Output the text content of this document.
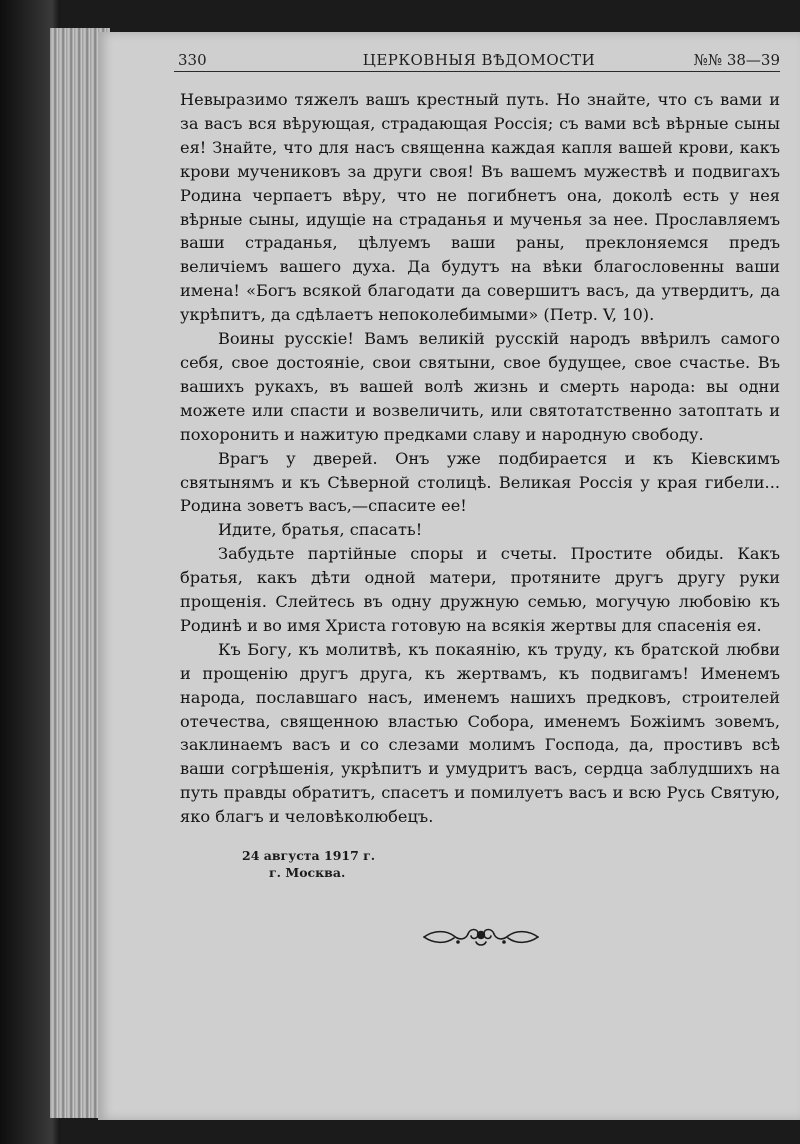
330	ЦЕРКОВНЫЯ ВѢДОМОСТИ	№№ 38—39

Невыразимо тяжелъ вашъ крестный путь. Но знайте, что съ вами и за васъ вся вѣрующая, страдающая Россія; съ вами всѣ вѣрные сыны ея! Знайте, что для насъ священна каждая капля вашей крови, какъ крови мучениковъ за други своя! Въ вашемъ мужествѣ и подвигахъ Родина черпаетъ вѣру, что не погибнетъ она, доколѣ есть у нея вѣрные сыны, идущіе на страданья и мученья за нее. Прославляемъ ваши страданья, цѣлуемъ ваши раны, преклоняемся предъ величіемъ вашего духа. Да будутъ на вѣки благословенны ваши имена! «Богъ всякой благодати да совершитъ васъ, да утвердитъ, да укрѣпитъ, да сдѣлаетъ непоколебимыми» (Петр. V, 10).

Воины русскіе! Вамъ великій русскій народъ ввѣрилъ самого себя, свое достояніе, свои святыни, свое будущее, свое счастье. Въ вашихъ рукахъ, въ вашей волѣ жизнь и смерть народа: вы одни можете или спасти и возвеличить, или святотатственно затоптать и похоронить и нажитую предками славу и народную свободу.

Врагъ у дверей. Онъ уже подбирается и къ Кіевскимъ святынямъ и къ Сѣверной столицѣ. Великая Россія у края гибели... Родина зоветъ васъ,—спасите ее!

Идите, братья, спасать!

Забудьте партійные споры и счеты. Простите обиды. Какъ братья, какъ дѣти одной матери, протяните другъ другу руки прощенія. Слейтесь въ одну дружную семью, могучую любовію къ Родинѣ и во имя Христа готовую на всякія жертвы для спасенія ея.

Къ Богу, къ молитвѣ, къ покаянію, къ труду, къ братской любви и прощенію другъ друга, къ жертвамъ, къ подвигамъ! Именемъ народа, пославшаго насъ, именемъ нашихъ предковъ, строителей отечества, священною властью Собора, именемъ Божіимъ зовемъ, заклинаемъ васъ и со слезами молимъ Господа, да, простивъ всѣ ваши согрѣшенія, укрѣпитъ и умудритъ васъ, сердца заблудшихъ на путь правды обратитъ, спасетъ и помилуетъ васъ и всю Русь Святую, яко благъ и человѣколюбецъ.

24 августа 1917 г.
г. Москва.
